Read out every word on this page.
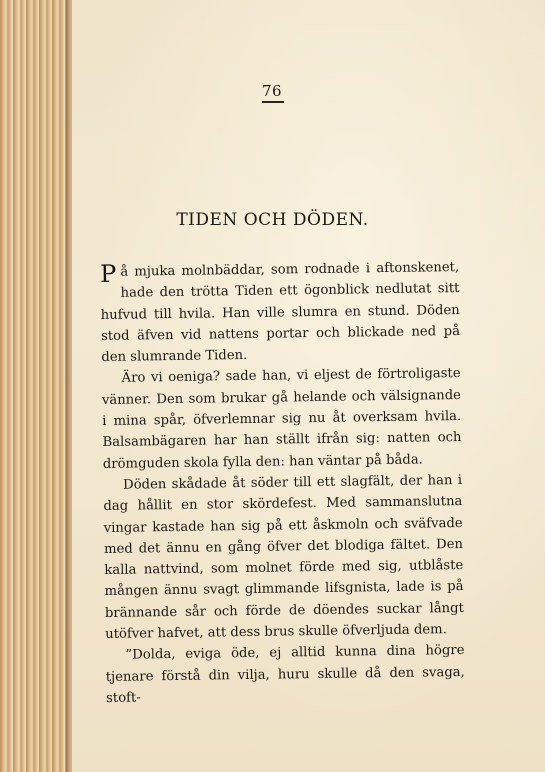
76
TIDEN OCH DÖDEN.

På mjuka molnbäddar, som rodnade i aftonskenet, hade den trötta Tiden ett ögonblick nedlutat sitt hufvud till hvila. Han ville slumra en stund. Döden stod äfven vid nattens portar och blickade ned på den slumrande Tiden.

Äro vi oeniga? sade han, vi eljest de förtroligaste vänner. Den som brukar gå helande och välsignande i mina spår, öfverlemnar sig nu åt overksam hvila. Balsambägaren har han ställt ifrån sig: natten och drömguden skola fylla den: han väntar på båda.

Döden skådade åt söder till ett slagfält, der han i dag hållit en stor skördefest. Med sammanslutna vingar kastade han sig på ett åskmoln och sväfvade med det ännu en gång öfver det blodiga fältet. Den kalla nattvind, som molnet förde med sig, utblåste mången ännu svagt glimmande lifsgnista, lade is på brännande sår och förde de döendes suckar långt utöfver hafvet, att dess brus skulle öfverljuda dem.

”Dolda, eviga öde, ej alltid kunna dina högre tjenare förstå din vilja, huru skulle då den svaga, stoft-
